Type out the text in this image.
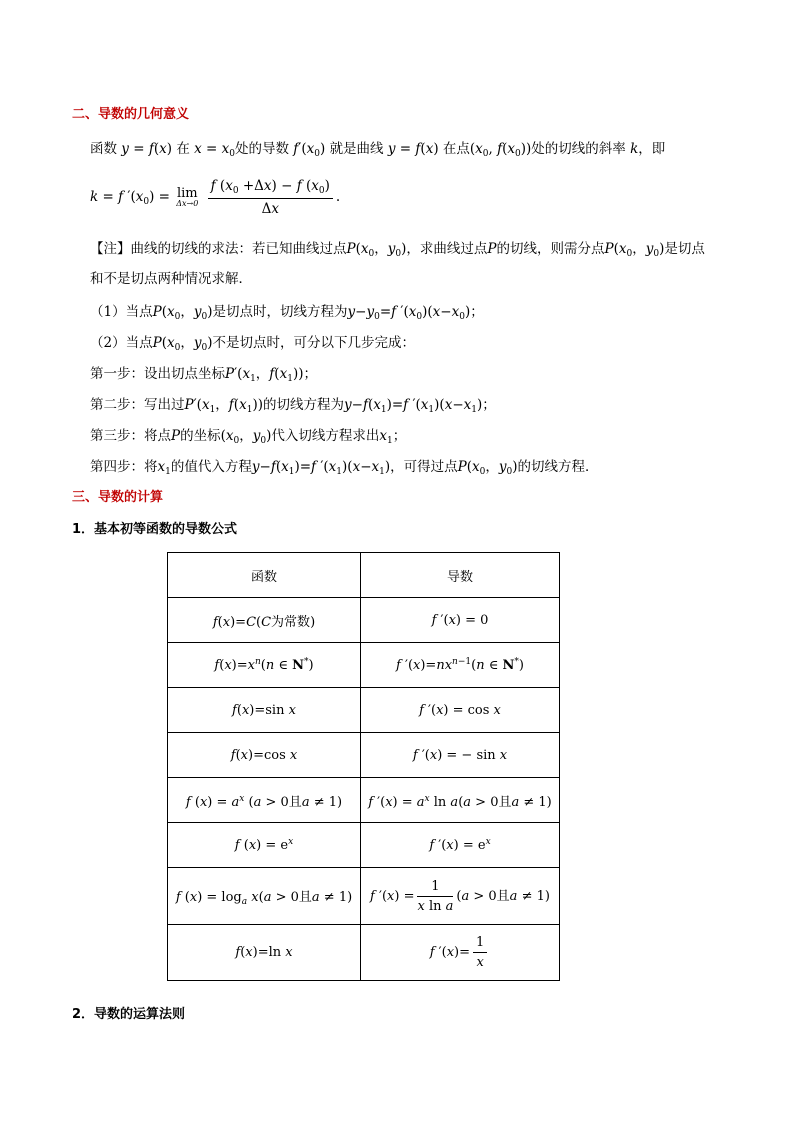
二、导数的几何意义
函数 y = f(x) 在 $x = x_0$处的导数 $f'(x_0)$ 就是曲线 y = f(x) 在点($x_0$, $f(x_0)$)处的切线的斜率 k，即
k = f $'(x_0) = \lim$
Δx→0
$\frac{f (x_0 +\Delta x) - f (x_0)}{\Delta x}$ .
【注】曲线的切线的求法：若已知曲线过点$P(x_0$，$y_0$)，求曲线过点P的切线，则需分点$P(x_0$，$y_0$)是切点
和不是切点两种情况求解．
（1）当点$P(x_0$，$y_0$)是切点时，切线方程为$y-y_0=f$ $'(x_0)(x-x_0)$；
（2）当点$P(x_0$，$y_0$)不是切点时，可分以下几步完成：
第一步：设出切点坐标$P'(x_1$，$f(x_1)$)；
第二步：写出过$P'(x_1$，$f(x_1)$)的切线方程为$y-f(x_1)=f$ $'(x_1)(x-x_1)$；
第三步：将点P的坐标($x_0$，$y_0$)代入切线方程求出$x_1$；
第四步：将$x_1$的值代入方程$y-f(x_1)=f$ $'(x_1)(x-x_1)$，可得过点$P(x_0$，$y_0$)的切线方程．
三、导数的计算
1．基本初等函数的导数公式
函数	导数
f(x)=C(C为常数)	f ′(x) = 0
$f(x)=x^n(n$ ∈ N*)	f $'(x)=nx^{n-1}(n$ ∈ N*)
f(x)=sin x	f ′(x) = cos x
f(x)=cos x	f ′(x) = − sin x
f $(x) = a^x$ (a > 0且a ≠ 1)	f $'(x) = a^x$ ln a(a > 0且a ≠ 1)
f $(x) = e^x$	f $'(x) = e^x$
f $(x) = \log_a x(a > 0$且a ≠ 1)	f $'(x) = \frac{1}{\text{x ln a}} (a > 0$且a ≠ 1)
f(x)=ln x	f $'(x)= \frac{1}{x}$
2．导数的运算法则
